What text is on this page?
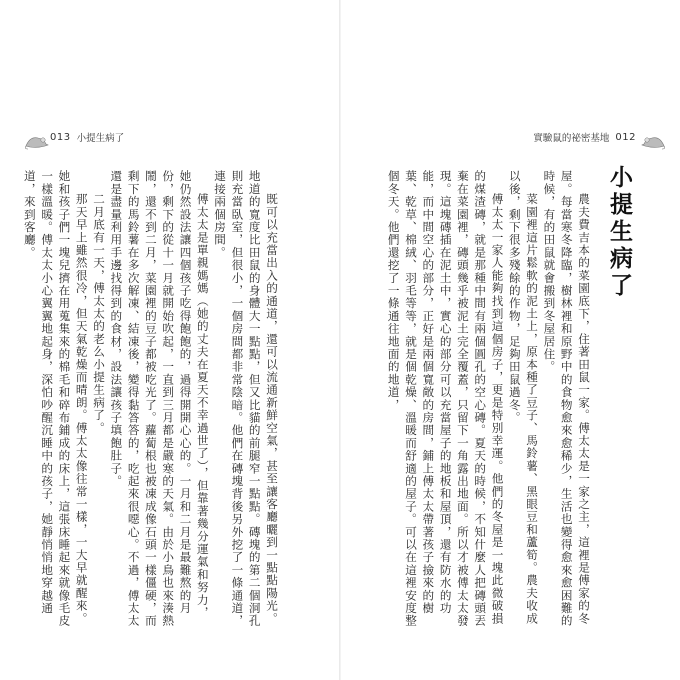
013 小提生病了

既可以充當出入的通道，還可以流通新鮮空氣，甚至讓客廳曬到一點點陽光。地道的寬度比田鼠的身體大一點點，但又比貓的前腿窄一點點。磚塊的第二個洞孔則充當臥室，但很小，一個房間都非常陰暗。他們在磚塊背後另外挖了一條通道，連接兩個房間。

傅太太是單親媽媽（她的丈夫在夏天不幸過世了），但靠著幾分運氣和努力，她仍然設法讓四個孩子吃得飽飽的，過得開開心心的。一月和二月是最難熬的月份，剩下的從十一月就開始吹起，一直到三月都是嚴寒的天氣。由於小鳥也來湊熱鬧，還不到二月，菜園裡的豆子都被吃光了。蘿蔔根也被凍成像石頭一樣僵硬，而剩下的馬鈴薯在多次解凍、結凍後，變得黏答答的，吃起來很噁心。不過，傅太太還是盡量利用手邊找得到的食材，設法讓孩子填飽肚子。

二月底有一天，傅太太的老么小提生病了。

那天早上雖然很冷，但天氣乾燥而晴朗。傅太太像往常一樣，一大早就醒來。她和孩子們一塊兒擠在用蒐集來的棉毛和碎布鋪成的床上，這張床睡起來就像毛皮一樣溫暖。傅太太小心翼翼地起身，深怕吵醒沉睡中的孩子，她靜悄悄地穿越通道，來到客廳。

實驗鼠的祕密基地 012
小提生病了

農夫費吉本的菜園底下，住著田鼠一家。傅太太是一家之主，這裡是傅家的冬屋。每當寒冬降臨，樹林裡和原野中的食物愈來愈稀少，生活也變得愈來愈困難的時候，有的田鼠就會搬到冬屋居住。

菜園裡這片鬆軟的泥土上，原本種了豆子、馬鈴薯、黑眼豆和蘆筍。農夫收成以後，剩下很多殘餘的作物，足夠田鼠過冬。

傅太太一家人能夠找到這個房子，更是特別幸運。他們的冬屋是一塊此微破損的煤渣磚，就是那種中間有兩個圓孔的空心磚。夏天的時候，不知什麼人把磚頭丟棄在菜園裡，磚頭幾乎被泥土完全覆蓋，只留下一角露出地面。所以才被傅太太發現。這塊磚插在泥土中，實心的部分可以充當屋子的地板和屋頂，還有防水的功能，而中間空心的部分，正好是兩個寬敞的房間，鋪上傅太太帶著孩子撿來的樹葉、乾草、棉絨、羽毛等等，就是個乾燥、溫暖而舒適的屋子。可以在這裡安度整個冬天。他們還挖了一條通往地面的地道，
